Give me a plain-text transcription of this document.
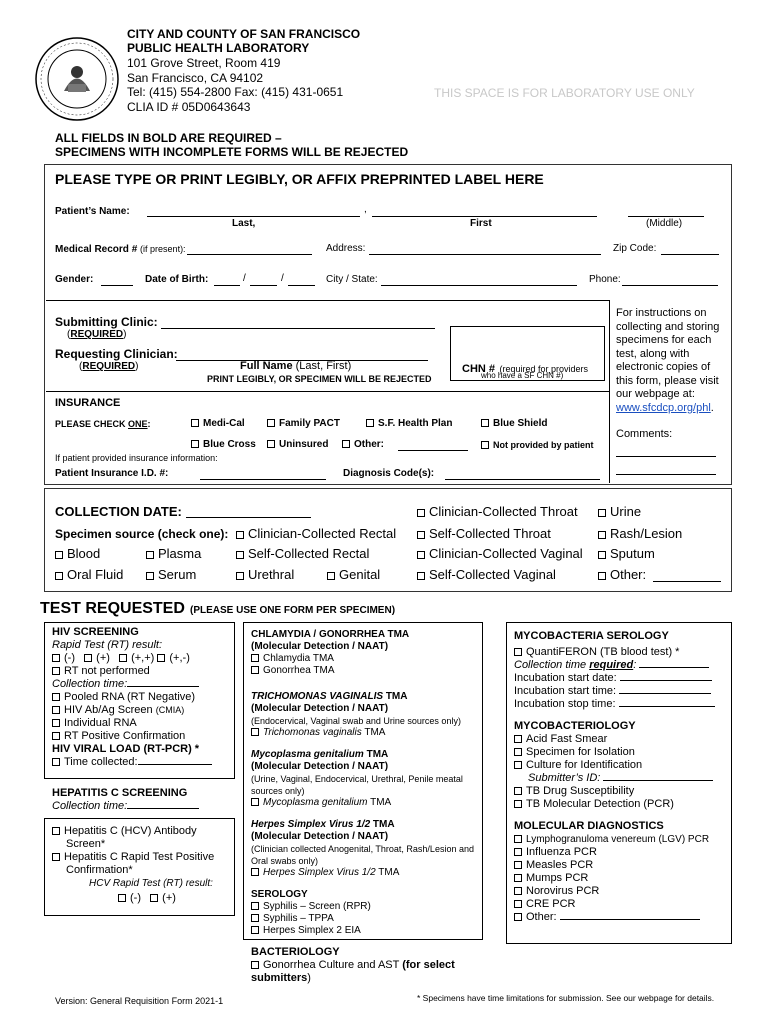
CITY AND COUNTY OF SAN FRANCISCO
PUBLIC HEALTH LABORATORY
101 Grove Street, Room 419
San Francisco, CA 94102
Tel: (415) 554-2800 Fax: (415) 431-0651
CLIA ID # 05D0643643
THIS SPACE IS FOR LABORATORY USE ONLY
ALL FIELDS IN BOLD ARE REQUIRED –
SPECIMENS WITH INCOMPLETE FORMS WILL BE REJECTED
PLEASE TYPE OR PRINT LEGIBLY, OR AFFIX PREPRINTED LABEL HERE
Patient’s Name:	,
Last,	First	(Middle)
Medical Record # (if present):	Address:	Zip Code:
Gender:	Date of Birth:	/	/	City / State:	Phone:
Submitting Clinic:
(REQUIRED)
Requesting Clinician:
(REQUIRED)	Full Name (Last, First)
PRINT LEGIBLY, OR SPECIMEN WILL BE REJECTED
CHN # (required for providers
who have a SF CHN #)
For instructions on
collecting and storing
specimens for each
test, along with
electronic copies of
this form, please visit
our webpage at:
www.sfcdcp.org/phl.
Comments:
INSURANCE
PLEASE CHECK ONE:	Medi-Cal	Family PACT	S.F. Health Plan	Blue Shield
Blue Cross	Uninsured	Other:	Not provided by patient
If patient provided insurance information:
Patient Insurance I.D. #:	Diagnosis Code(s):
COLLECTION DATE:
Specimen source (check one):
Blood	Plasma
Oral Fluid	Serum
Clinician-Collected Rectal
Self-Collected Rectal
Urethral	Genital
Clinician-Collected Throat
Self-Collected Throat
Clinician-Collected Vaginal
Self-Collected Vaginal
Urine
Rash/Lesion
Sputum
Other:
TEST REQUESTED (PLEASE USE ONE FORM PER SPECIMEN)
HIV SCREENING
Rapid Test (RT) result:
(-) (+) (+,+) (+,-)
RT not performed
Collection time:
Pooled RNA (RT Negative)
HIV Ab/Ag Screen (CMIA)
Individual RNA
RT Positive Confirmation
HIV VIRAL LOAD (RT-PCR) *
Time collected:
HEPATITIS C SCREENING
Collection time:
Hepatitis C (HCV) Antibody
Screen*
Hepatitis C Rapid Test Positive
Confirmation*
HCV Rapid Test (RT) result:
(-) (+)
CHLAMYDIA / GONORRHEA TMA
(Molecular Detection / NAAT)
Chlamydia TMA
Gonorrhea TMA
TRICHOMONAS VAGINALIS TMA
(Molecular Detection / NAAT)
(Endocervical, Vaginal swab and Urine sources only)
Trichomonas vaginalis TMA
Mycoplasma genitalium TMA
(Molecular Detection / NAAT)
(Urine, Vaginal, Endocervical, Urethral, Penile meatal
sources only)
Mycoplasma genitalium TMA
Herpes Simplex Virus 1/2 TMA
(Molecular Detection / NAAT)
(Clinician collected Anogenital, Throat, Rash/Lesion and
Oral swabs only)
Herpes Simplex Virus 1/2 TMA
SEROLOGY
Syphilis – Screen (RPR)
Syphilis – TPPA
Herpes Simplex 2 EIA
BACTERIOLOGY
Gonorrhea Culture and AST (for select
submitters)
MYCOBACTERIA SEROLOGY
QuantiFERON (TB blood test) *
Collection time required:
Incubation start date:
Incubation start time:
Incubation stop time:
MYCOBACTERIOLOGY
Acid Fast Smear
Specimen for Isolation
Culture for Identification
Submitter’s ID:
TB Drug Susceptibility
TB Molecular Detection (PCR)
MOLECULAR DIAGNOSTICS
Lymphogranuloma venereum (LGV) PCR
Influenza PCR
Measles PCR
Mumps PCR
Norovirus PCR
CRE PCR
Other:
Version: General Requisition Form 2021-1	* Specimens have time limitations for submission. See our webpage for details.
